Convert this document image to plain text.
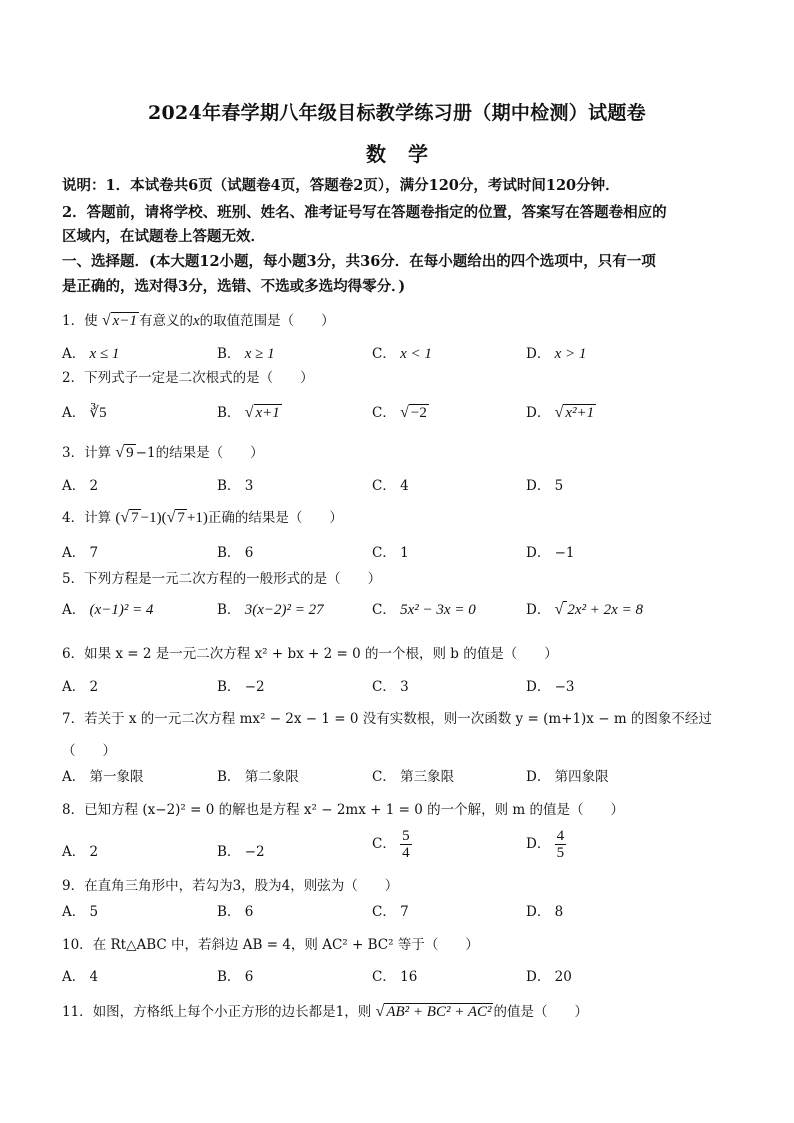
2024年春学期八年级目标教学练习册（期中检测）试题卷
数学
说明：1．本试卷共6页（试题卷4页，答题卷2页），满分120分，考试时间120分钟．
2．答题前，请将学校、班别、姓名、准考证号写在答题卷指定的位置，答案写在答题卷相应的
区域内，在试题卷上答题无效．
一、选择题．(本大题12小题，每小题3分，共36分．在每小题给出的四个选项中，只有一项
是正确的，选对得3分，选错、不选或多选均得零分．)
1．使 √ x−1 有意义的x的取值范围是（　　）
A． x ≤ 1	B． x ≥ 1	C． x < 1	D． x > 1
2．下列式子一定是二次根式的是（　　）
A． ∛5	B． √ x+1	C． √ −2	D． √ x²+1
3．计算 √ 9 −1的结果是（　　）
A． 2	B． 3	C． 4	D． 5
4．计算 (√ 7 −1)(√ 7 +1)正确的结果是（　　）
A． 7	B． 6	C． 1	D． −1
5．下列方程是一元二次方程的一般形式的是（　　）
A． (x−1)² = 4	B． 3(x−2)² = 27	C． 5x² − 3x = 0	D． √ 2x² + 2x = 8
6．如果 x = 2 是一元二次方程 x² + bx + 2 = 0 的一个根，则 b 的值是（　　）
A． 2	B． −2	C． 3	D． −3
7．若关于 x 的一元二次方程 mx² − 2x − 1 = 0 没有实数根，则一次函数 y = (m+1)x − m 的图象不经过
（　　）
A． 第一象限	B． 第二象限	C． 第三象限	D． 第四象限
8．已知方程 (x−2)² = 0 的解也是方程 x² − 2mx + 1 = 0 的一个解，则 m 的值是（　　）
A． 2	B． −2	C． $\frac{5}{4}$	D． $\frac{4}{5}$
9．在直角三角形中，若勾为3，股为4，则弦为（　　）
A． 5	B． 6	C． 7	D． 8
10．在 Rt△ABC 中，若斜边 AB = 4，则 AC² + BC² 等于（　　）
A． 4	B． 6	C． 16	D． 20
11．如图，方格纸上每个小正方形的边长都是1，则 √ AB² + BC² + AC² 的值是（　　）
